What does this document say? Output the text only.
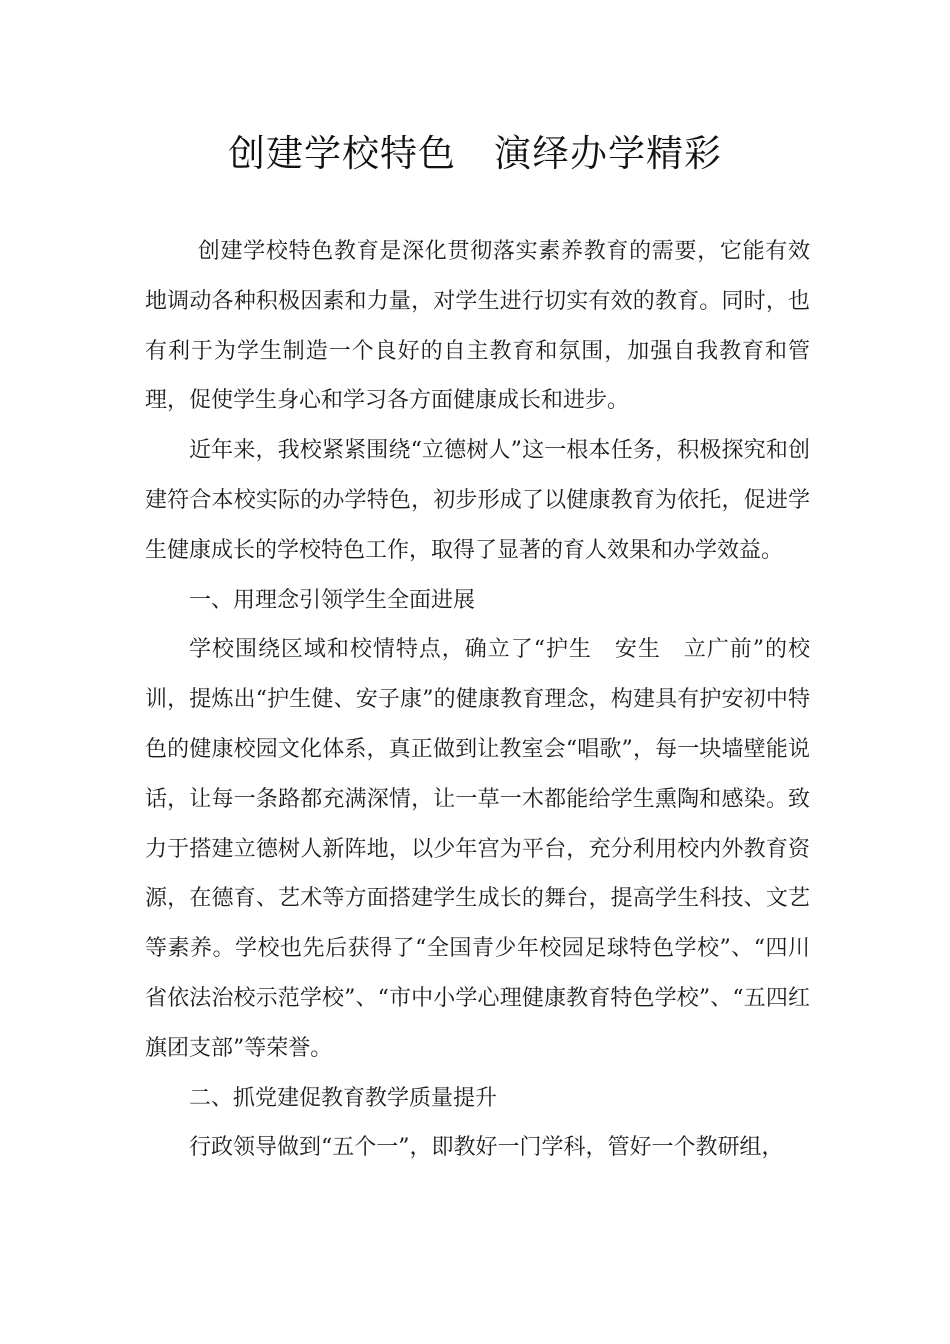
创建学校特色　演绎办学精彩

创建学校特色教育是深化贯彻落实素养教育的需要，它能有效地调动各种积极因素和力量，对学生进行切实有效的教育。同时，也有利于为学生制造一个良好的自主教育和氛围，加强自我教育和管理，促使学生身心和学习各方面健康成长和进步。

近年来，我校紧紧围绕“立德树人”这一根本任务，积极探究和创建符合本校实际的办学特色，初步形成了以健康教育为依托，促进学生健康成长的学校特色工作，取得了显著的育人效果和办学效益。

一、用理念引领学生全面进展

学校围绕区域和校情特点，确立了“护生　安生　立广前”的校训，提炼出“护生健、安子康”的健康教育理念，构建具有护安初中特色的健康校园文化体系，真正做到让教室会“唱歌”，每一块墙壁能说话，让每一条路都充满深情，让一草一木都能给学生熏陶和感染。致力于搭建立德树人新阵地，以少年宫为平台，充分利用校内外教育资源，在德育、艺术等方面搭建学生成长的舞台，提高学生科技、文艺等素养。学校也先后获得了“全国青少年校园足球特色学校”、“四川省依法治校示范学校”、“市中小学心理健康教育特色学校”、“五四红旗团支部”等荣誉。

二、抓党建促教育教学质量提升

行政领导做到“五个一”，即教好一门学科，管好一个教研组，
